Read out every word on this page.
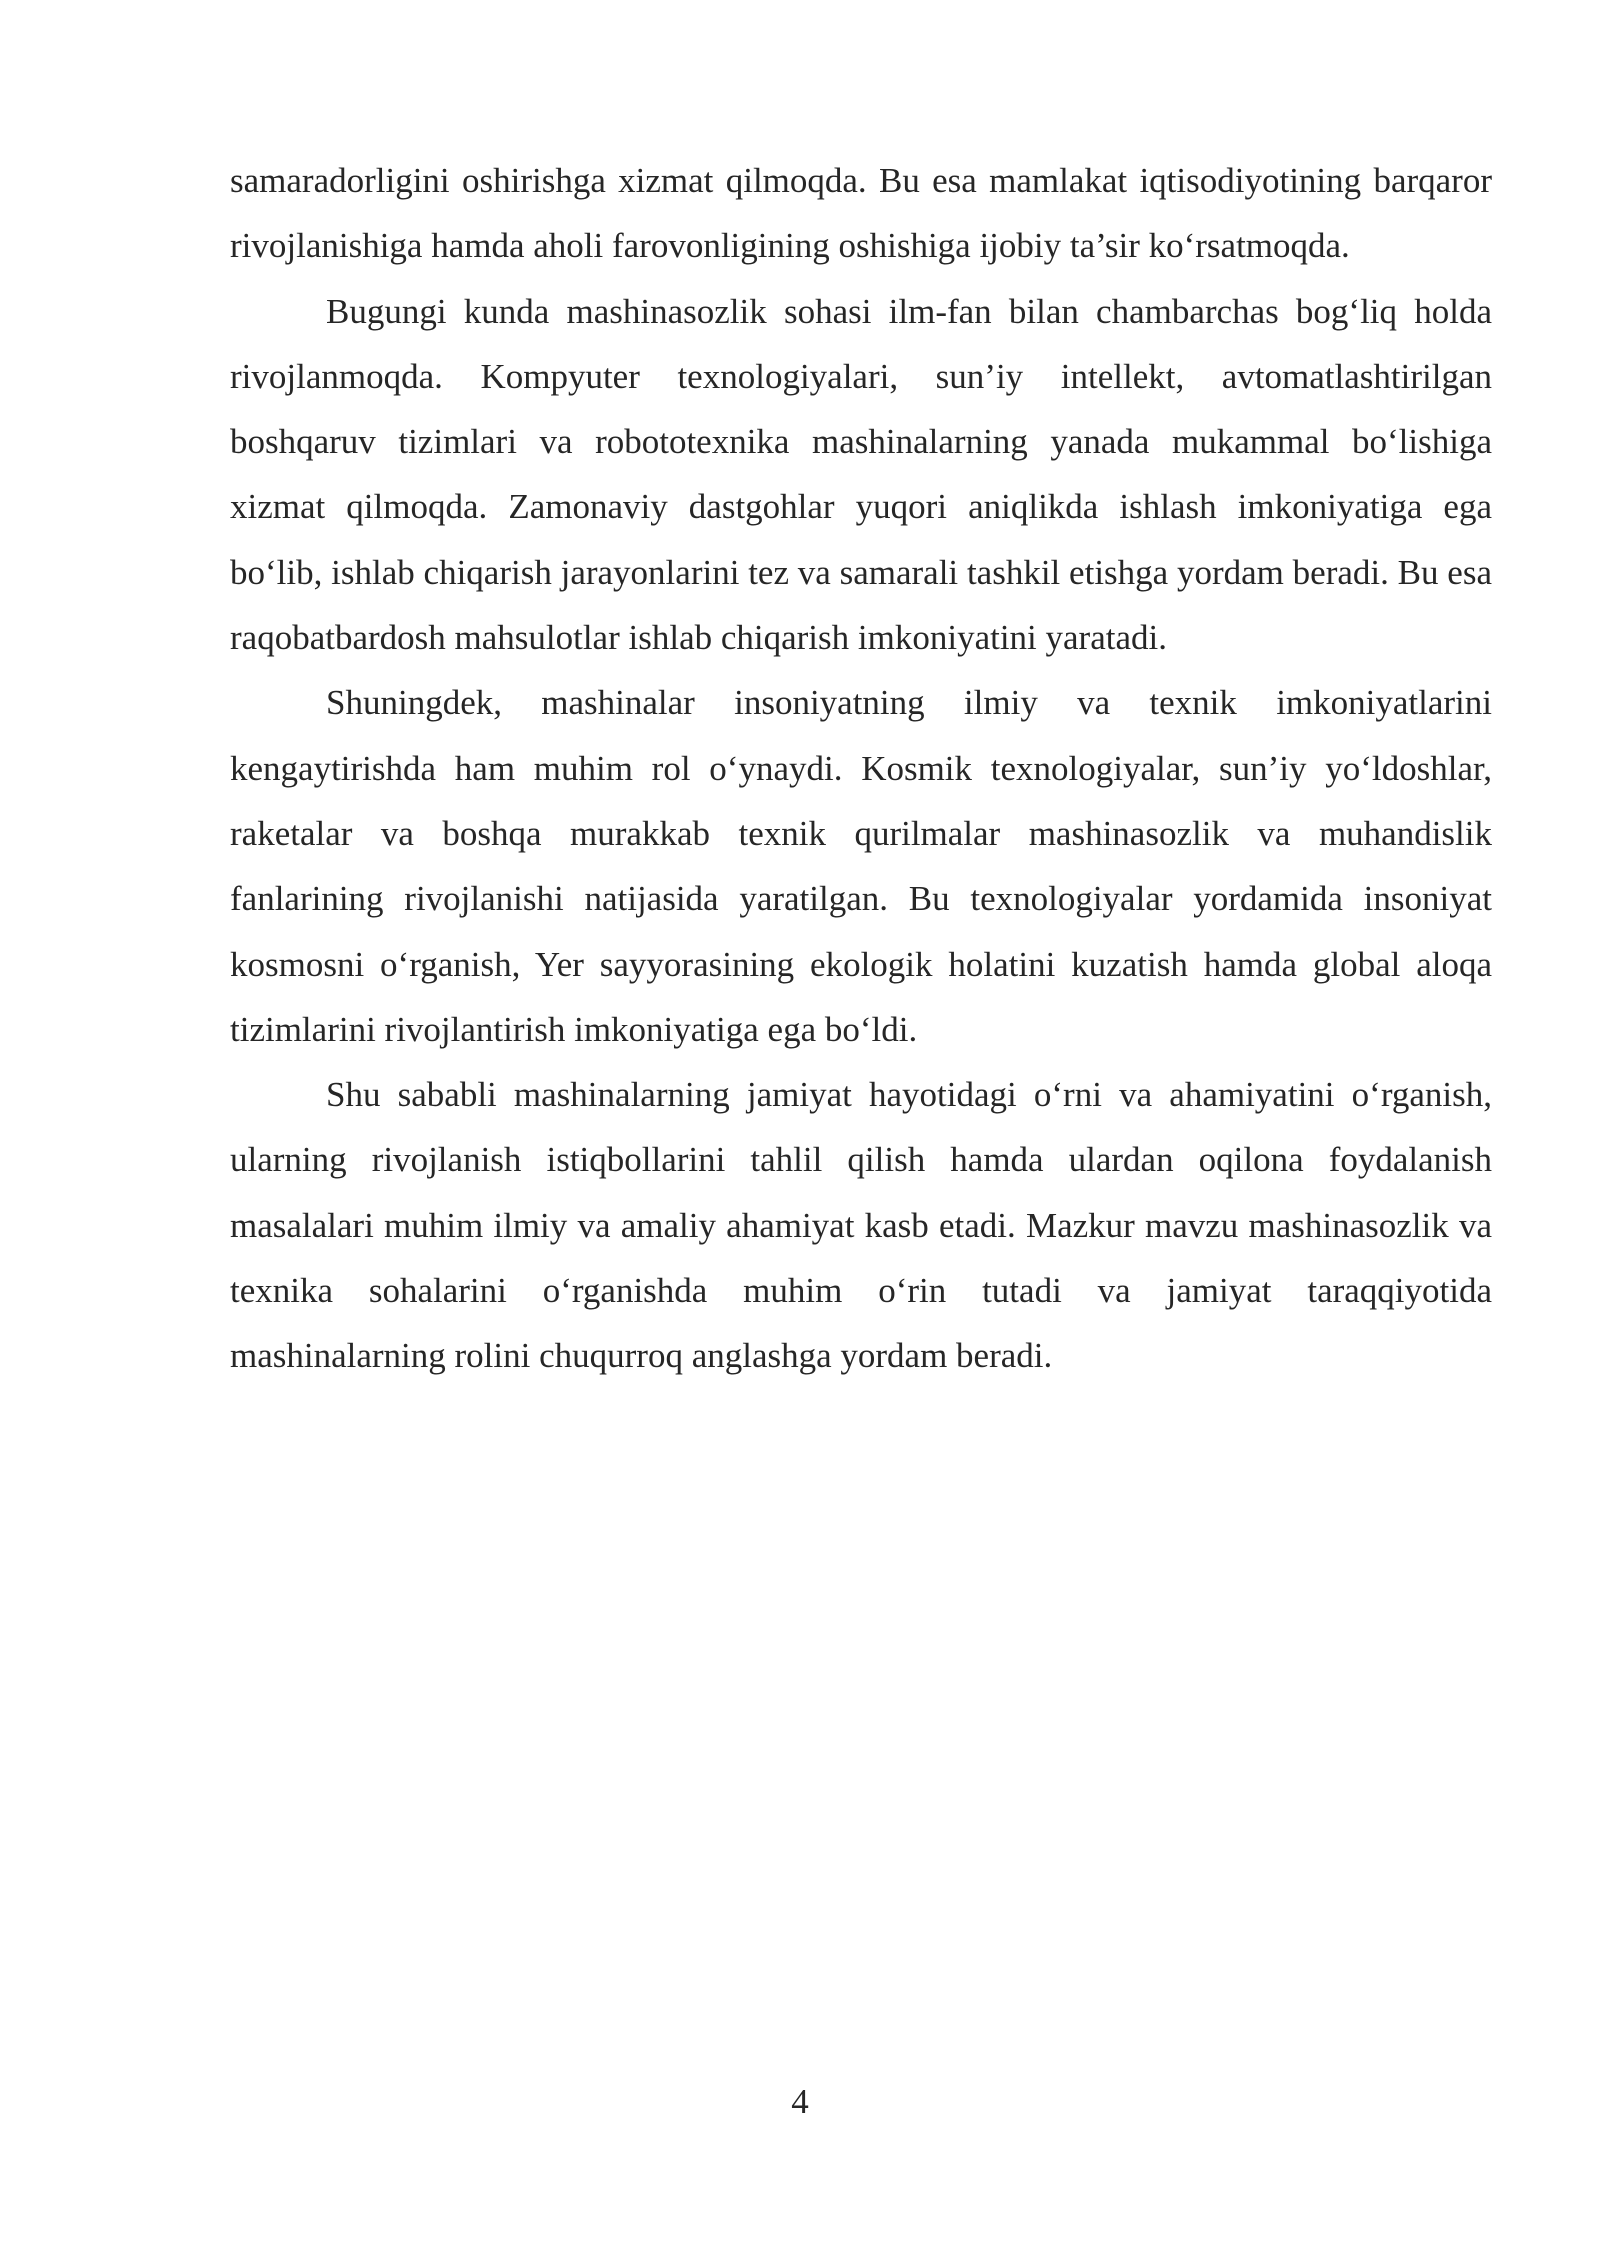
samaradorligini oshirishga xizmat qilmoqda. Bu esa mamlakat iqtisodiyotining barqaror rivojlanishiga hamda aholi farovonligining oshishiga ijobiy ta’sir ko‘rsatmoqda.

Bugungi kunda mashinasozlik sohasi ilm-fan bilan chambarchas bog‘liq holda rivojlanmoqda. Kompyuter texnologiyalari, sun’iy intellekt, avtomatlashtirilgan boshqaruv tizimlari va robototexnika mashinalarning yanada mukammal bo‘lishiga xizmat qilmoqda. Zamonaviy dastgohlar yuqori aniqlikda ishlash imkoniyatiga ega bo‘lib, ishlab chiqarish jarayonlarini tez va samarali tashkil etishga yordam beradi. Bu esa raqobatbardosh mahsulotlar ishlab chiqarish imkoniyatini yaratadi.

Shuningdek, mashinalar insoniyatning ilmiy va texnik imkoniyatlarini kengaytirishda ham muhim rol o‘ynaydi. Kosmik texnologiyalar, sun’iy yo‘ldoshlar, raketalar va boshqa murakkab texnik qurilmalar mashinasozlik va muhandislik fanlarining rivojlanishi natijasida yaratilgan. Bu texnologiyalar yordamida insoniyat kosmosni o‘rganish, Yer sayyorasining ekologik holatini kuzatish hamda global aloqa tizimlarini rivojlantirish imkoniyatiga ega bo‘ldi.

Shu sababli mashinalarning jamiyat hayotidagi o‘rni va ahamiyatini o‘rganish, ularning rivojlanish istiqbollarini tahlil qilish hamda ulardan oqilona foydalanish masalalari muhim ilmiy va amaliy ahamiyat kasb etadi. Mazkur mavzu mashinasozlik va texnika sohalarini o‘rganishda muhim o‘rin tutadi va jamiyat taraqqiyotida mashinalarning rolini chuqurroq anglashga yordam beradi.

4
